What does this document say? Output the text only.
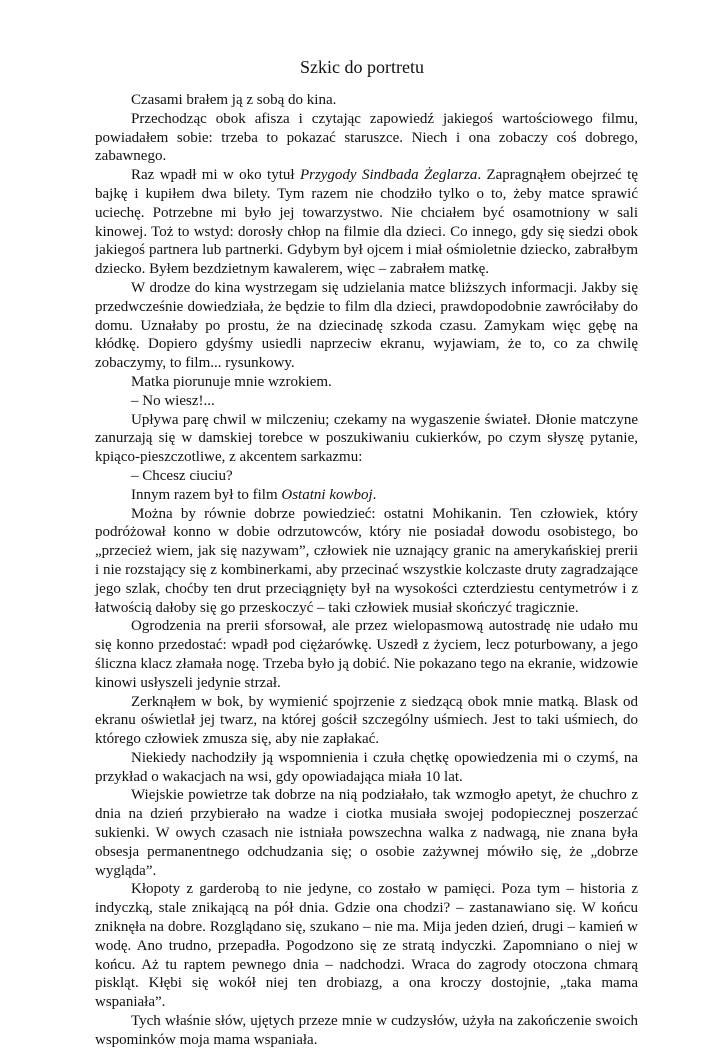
Szkic do portretu

Czasami brałem ją z sobą do kina.

Przechodząc obok afisza i czytając zapowiedź jakiegoś wartościowego filmu, powiadałem sobie: trzeba to pokazać staruszce. Niech i ona zobaczy coś dobrego, zabawnego.

Raz wpadł mi w oko tytuł Przygody Sindbada Żeglarza. Zapragnąłem obejrzeć tę bajkę i kupiłem dwa bilety. Tym razem nie chodziło tylko o to, żeby matce sprawić uciechę. Potrzebne mi było jej towarzystwo. Nie chciałem być osamotniony w sali kinowej. Toż to wstyd: dorosły chłop na filmie dla dzieci. Co innego, gdy się siedzi obok jakiegoś partnera lub partnerki. Gdybym był ojcem i miał ośmioletnie dziecko, zabrałbym dziecko. Byłem bezdzietnym kawalerem, więc – zabrałem matkę.

W drodze do kina wystrzegam się udzielania matce bliższych informacji. Jakby się przedwcześnie dowiedziała, że będzie to film dla dzieci, prawdopodobnie zawróciłaby do domu. Uznałaby po prostu, że na dziecinadę szkoda czasu. Zamykam więc gębę na kłódkę. Dopiero gdyśmy usiedli naprzeciw ekranu, wyjawiam, że to, co za chwilę zobaczymy, to film... rysunkowy.

Matka piorunuje mnie wzrokiem.

– No wiesz!...

Upływa parę chwil w milczeniu; czekamy na wygaszenie świateł. Dłonie matczyne zanurzają się w damskiej torebce w poszukiwaniu cukierków, po czym słyszę pytanie, kpiąco-pieszczotliwe, z akcentem sarkazmu:

– Chcesz ciuciu?

Innym razem był to film Ostatni kowboj.

Można by równie dobrze powiedzieć: ostatni Mohikanin. Ten człowiek, który podróżował konno w dobie odrzutowców, który nie posiadał dowodu osobistego, bo „przecież wiem, jak się nazywam”, człowiek nie uznający granic na amerykańskiej prerii i nie rozstający się z kombinerkami, aby przecinać wszystkie kolczaste druty zagradzające jego szlak, choćby ten drut przeciągnięty był na wysokości czterdziestu centymetrów i z łatwością dałoby się go przeskoczyć – taki człowiek musiał skończyć tragicznie.

Ogrodzenia na prerii sforsował, ale przez wielopasmową autostradę nie udało mu się konno przedostać: wpadł pod ciężarówkę. Uszedł z życiem, lecz poturbowany, a jego śliczna klacz złamała nogę. Trzeba było ją dobić. Nie pokazano tego na ekranie, widzowie kinowi usłyszeli jedynie strzał.

Zerknąłem w bok, by wymienić spojrzenie z siedzącą obok mnie matką. Blask od ekranu oświetlał jej twarz, na której gościł szczególny uśmiech. Jest to taki uśmiech, do którego człowiek zmusza się, aby nie zapłakać.

Niekiedy nachodziły ją wspomnienia i czuła chętkę opowiedzenia mi o czymś, na przykład o wakacjach na wsi, gdy opowiadająca miała 10 lat.

Wiejskie powietrze tak dobrze na nią podziałało, tak wzmogło apetyt, że chuchro z dnia na dzień przybierało na wadze i ciotka musiała swojej podopiecznej poszerzać sukienki. W owych czasach nie istniała powszechna walka z nadwagą, nie znana była obsesja permanentnego odchudzania się; o osobie zażywnej mówiło się, że „dobrze wygląda”.

Kłopoty z garderobą to nie jedyne, co zostało w pamięci. Poza tym – historia z indyczką, stale znikającą na pół dnia. Gdzie ona chodzi? – zastanawiano się. W końcu zniknęła na dobre. Rozglądano się, szukano – nie ma. Mija jeden dzień, drugi – kamień w wodę. Ano trudno, przepadła. Pogodzono się ze stratą indyczki. Zapomniano o niej w końcu. Aż tu raptem pewnego dnia – nadchodzi. Wraca do zagrody otoczona chmarą piskląt. Kłębi się wokół niej ten drobiazg, a ona kroczy dostojnie, „taka mama wspaniała”.

Tych właśnie słów, ujętych przeze mnie w cudzysłów, użyła na zakończenie swoich wspominków moja mama wspaniała.
